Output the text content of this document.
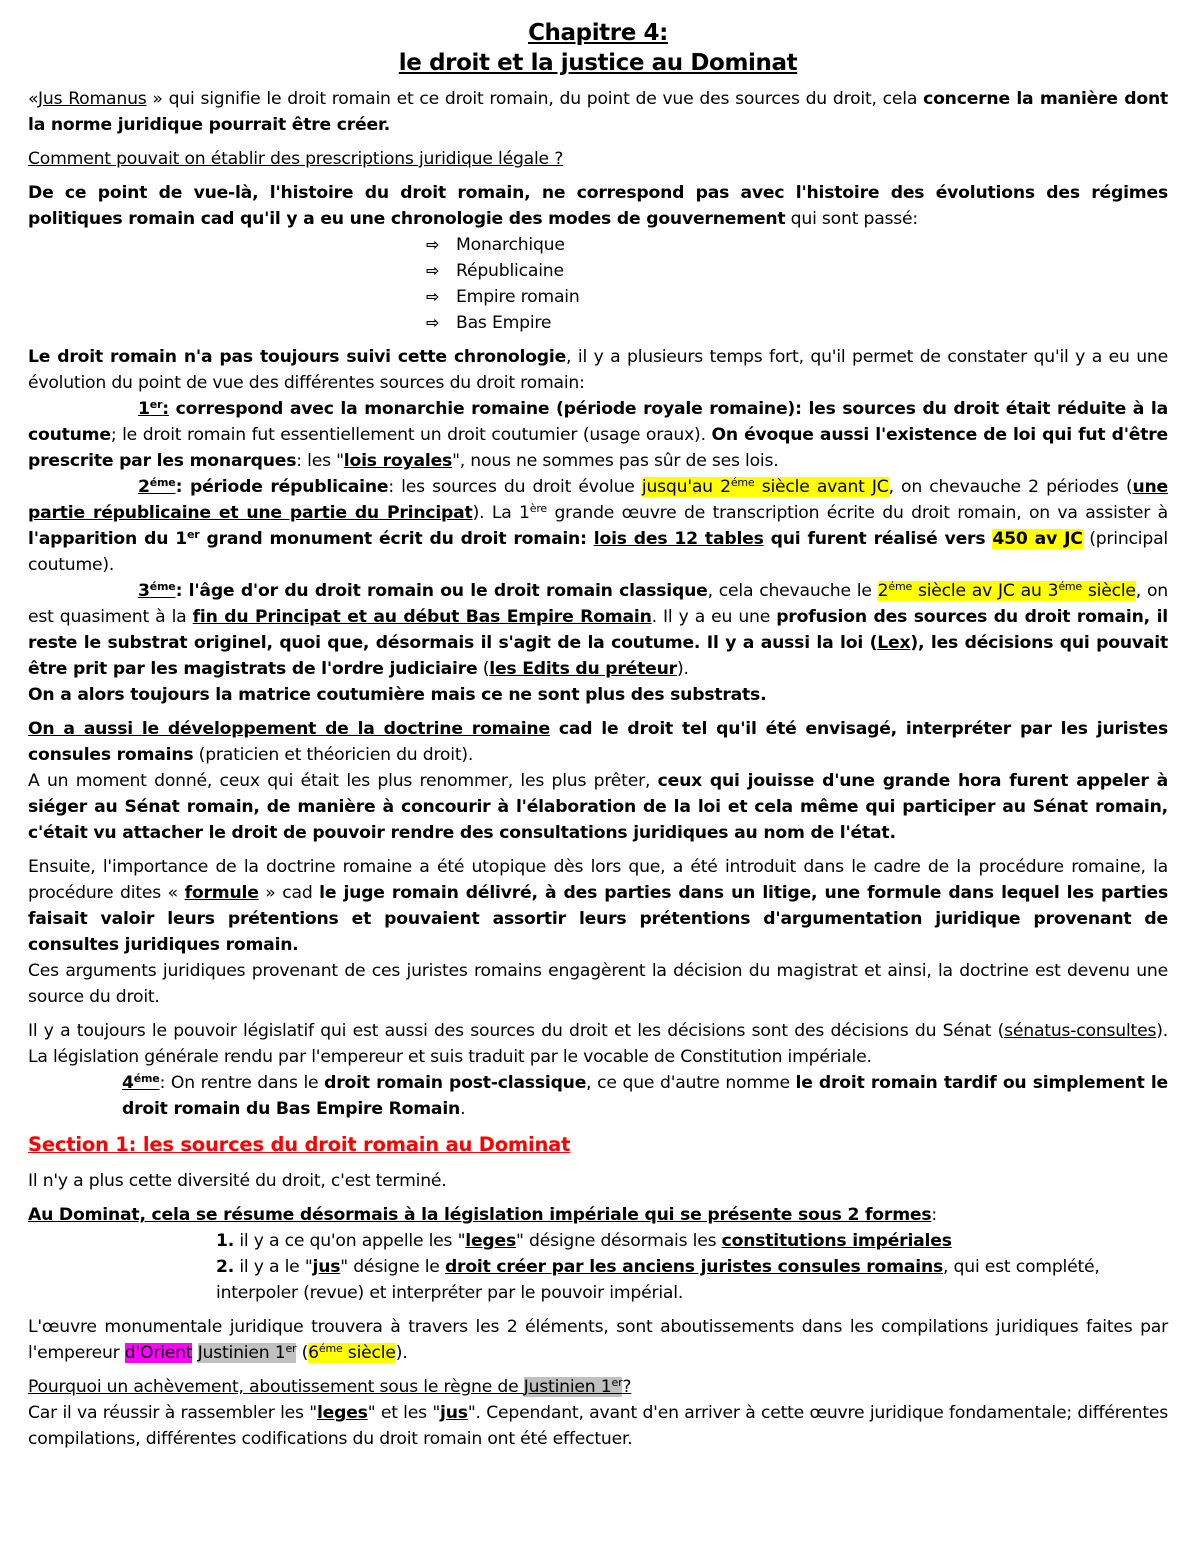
Chapitre 4:
le droit et la justice au Dominat

«Jus Romanus » qui signifie le droit romain et ce droit romain, du point de vue des sources du droit, cela concerne la manière dont la norme juridique pourrait être créer.

Comment pouvait on établir des prescriptions juridique légale ?

De ce point de vue-là, l'histoire du droit romain, ne correspond pas avec l'histoire des évolutions des régimes politiques romain cad qu'il y a eu une chronologie des modes de gouvernement qui sont passé:

⇨ Monarchique
⇨ Républicaine
⇨ Empire romain
⇨ Bas Empire

Le droit romain n'a pas toujours suivi cette chronologie, il y a plusieurs temps fort, qu'il permet de constater qu'il y a eu une évolution du point de vue des différentes sources du droit romain:

1er: correspond avec la monarchie romaine (période royale romaine): les sources du droit était réduite à la coutume; le droit romain fut essentiellement un droit coutumier (usage oraux). On évoque aussi l'existence de loi qui fut d'être prescrite par les monarques: les "lois royales", nous ne sommes pas sûr de ses lois.

$2^{éme}$: période républicaine: les sources du droit évolue jusqu'au $2^{éme}$ siècle avant JC, on chevauche 2 périodes (une partie républicaine et une partie du Principat). La 1ère grande œuvre de transcription écrite du droit romain, on va assister à l'apparition du 1er grand monument écrit du droit romain: lois des 12 tables qui furent réalisé vers 450 av JC (principal coutume).

$3^{éme}$: l'âge d'or du droit romain ou le droit romain classique, cela chevauche le $2^{éme}$ siècle av JC au $3^{éme}$ siècle, on est quasiment à la fin du Principat et au début Bas Empire Romain. Il y a eu une profusion des sources du droit romain, il reste le substrat originel, quoi que, désormais il s'agit de la coutume. Il y a aussi la loi (Lex), les décisions qui pouvait être prit par les magistrats de l'ordre judiciaire (les Edits du préteur).

On a alors toujours la matrice coutumière mais ce ne sont plus des substrats.

On a aussi le développement de la doctrine romaine cad le droit tel qu'il été envisagé, interpréter par les juristes consules romains (praticien et théoricien du droit).

A un moment donné, ceux qui était les plus renommer, les plus prêter, ceux qui jouisse d'une grande hora furent appeler à siéger au Sénat romain, de manière à concourir à l'élaboration de la loi et cela même qui participer au Sénat romain, c'était vu attacher le droit de pouvoir rendre des consultations juridiques au nom de l'état.

Ensuite, l'importance de la doctrine romaine a été utopique dès lors que, a été introduit dans le cadre de la procédure romaine, la procédure dites « formule » cad le juge romain délivré, à des parties dans un litige, une formule dans lequel les parties faisait valoir leurs prétentions et pouvaient assortir leurs prétentions d'argumentation juridique provenant de consultes juridiques romain.

Ces arguments juridiques provenant de ces juristes romains engagèrent la décision du magistrat et ainsi, la doctrine est devenu une source du droit.

Il y a toujours le pouvoir législatif qui est aussi des sources du droit et les décisions sont des décisions du Sénat (sénatus-consultes). La législation générale rendu par l'empereur et suis traduit par le vocable de Constitution impériale.

$4^{éme}$: On rentre dans le droit romain post-classique, ce que d'autre nomme le droit romain tardif ou simplement le droit romain du Bas Empire Romain.

Section 1: les sources du droit romain au Dominat

Il n'y a plus cette diversité du droit, c'est terminé.

Au Dominat, cela se résume désormais à la législation impériale qui se présente sous 2 formes:

1. il y a ce qu'on appelle les "leges" désigne désormais les constitutions impériales

2. il y a le "jus" désigne le droit créer par les anciens juristes consules romains, qui est complété,
interpoler (revue) et interpréter par le pouvoir impérial.

L'œuvre monumentale juridique trouvera à travers les 2 éléments, sont aboutissements dans les compilations juridiques faites par l'empereur d'Orient Justinien 1er ($6^{éme}$ siècle).

Pourquoi un achèvement, aboutissement sous le règne de Justinien 1er?

Car il va réussir à rassembler les "leges" et les "jus". Cependant, avant d'en arriver à cette œuvre juridique fondamentale; différentes compilations, différentes codifications du droit romain ont été effectuer.
